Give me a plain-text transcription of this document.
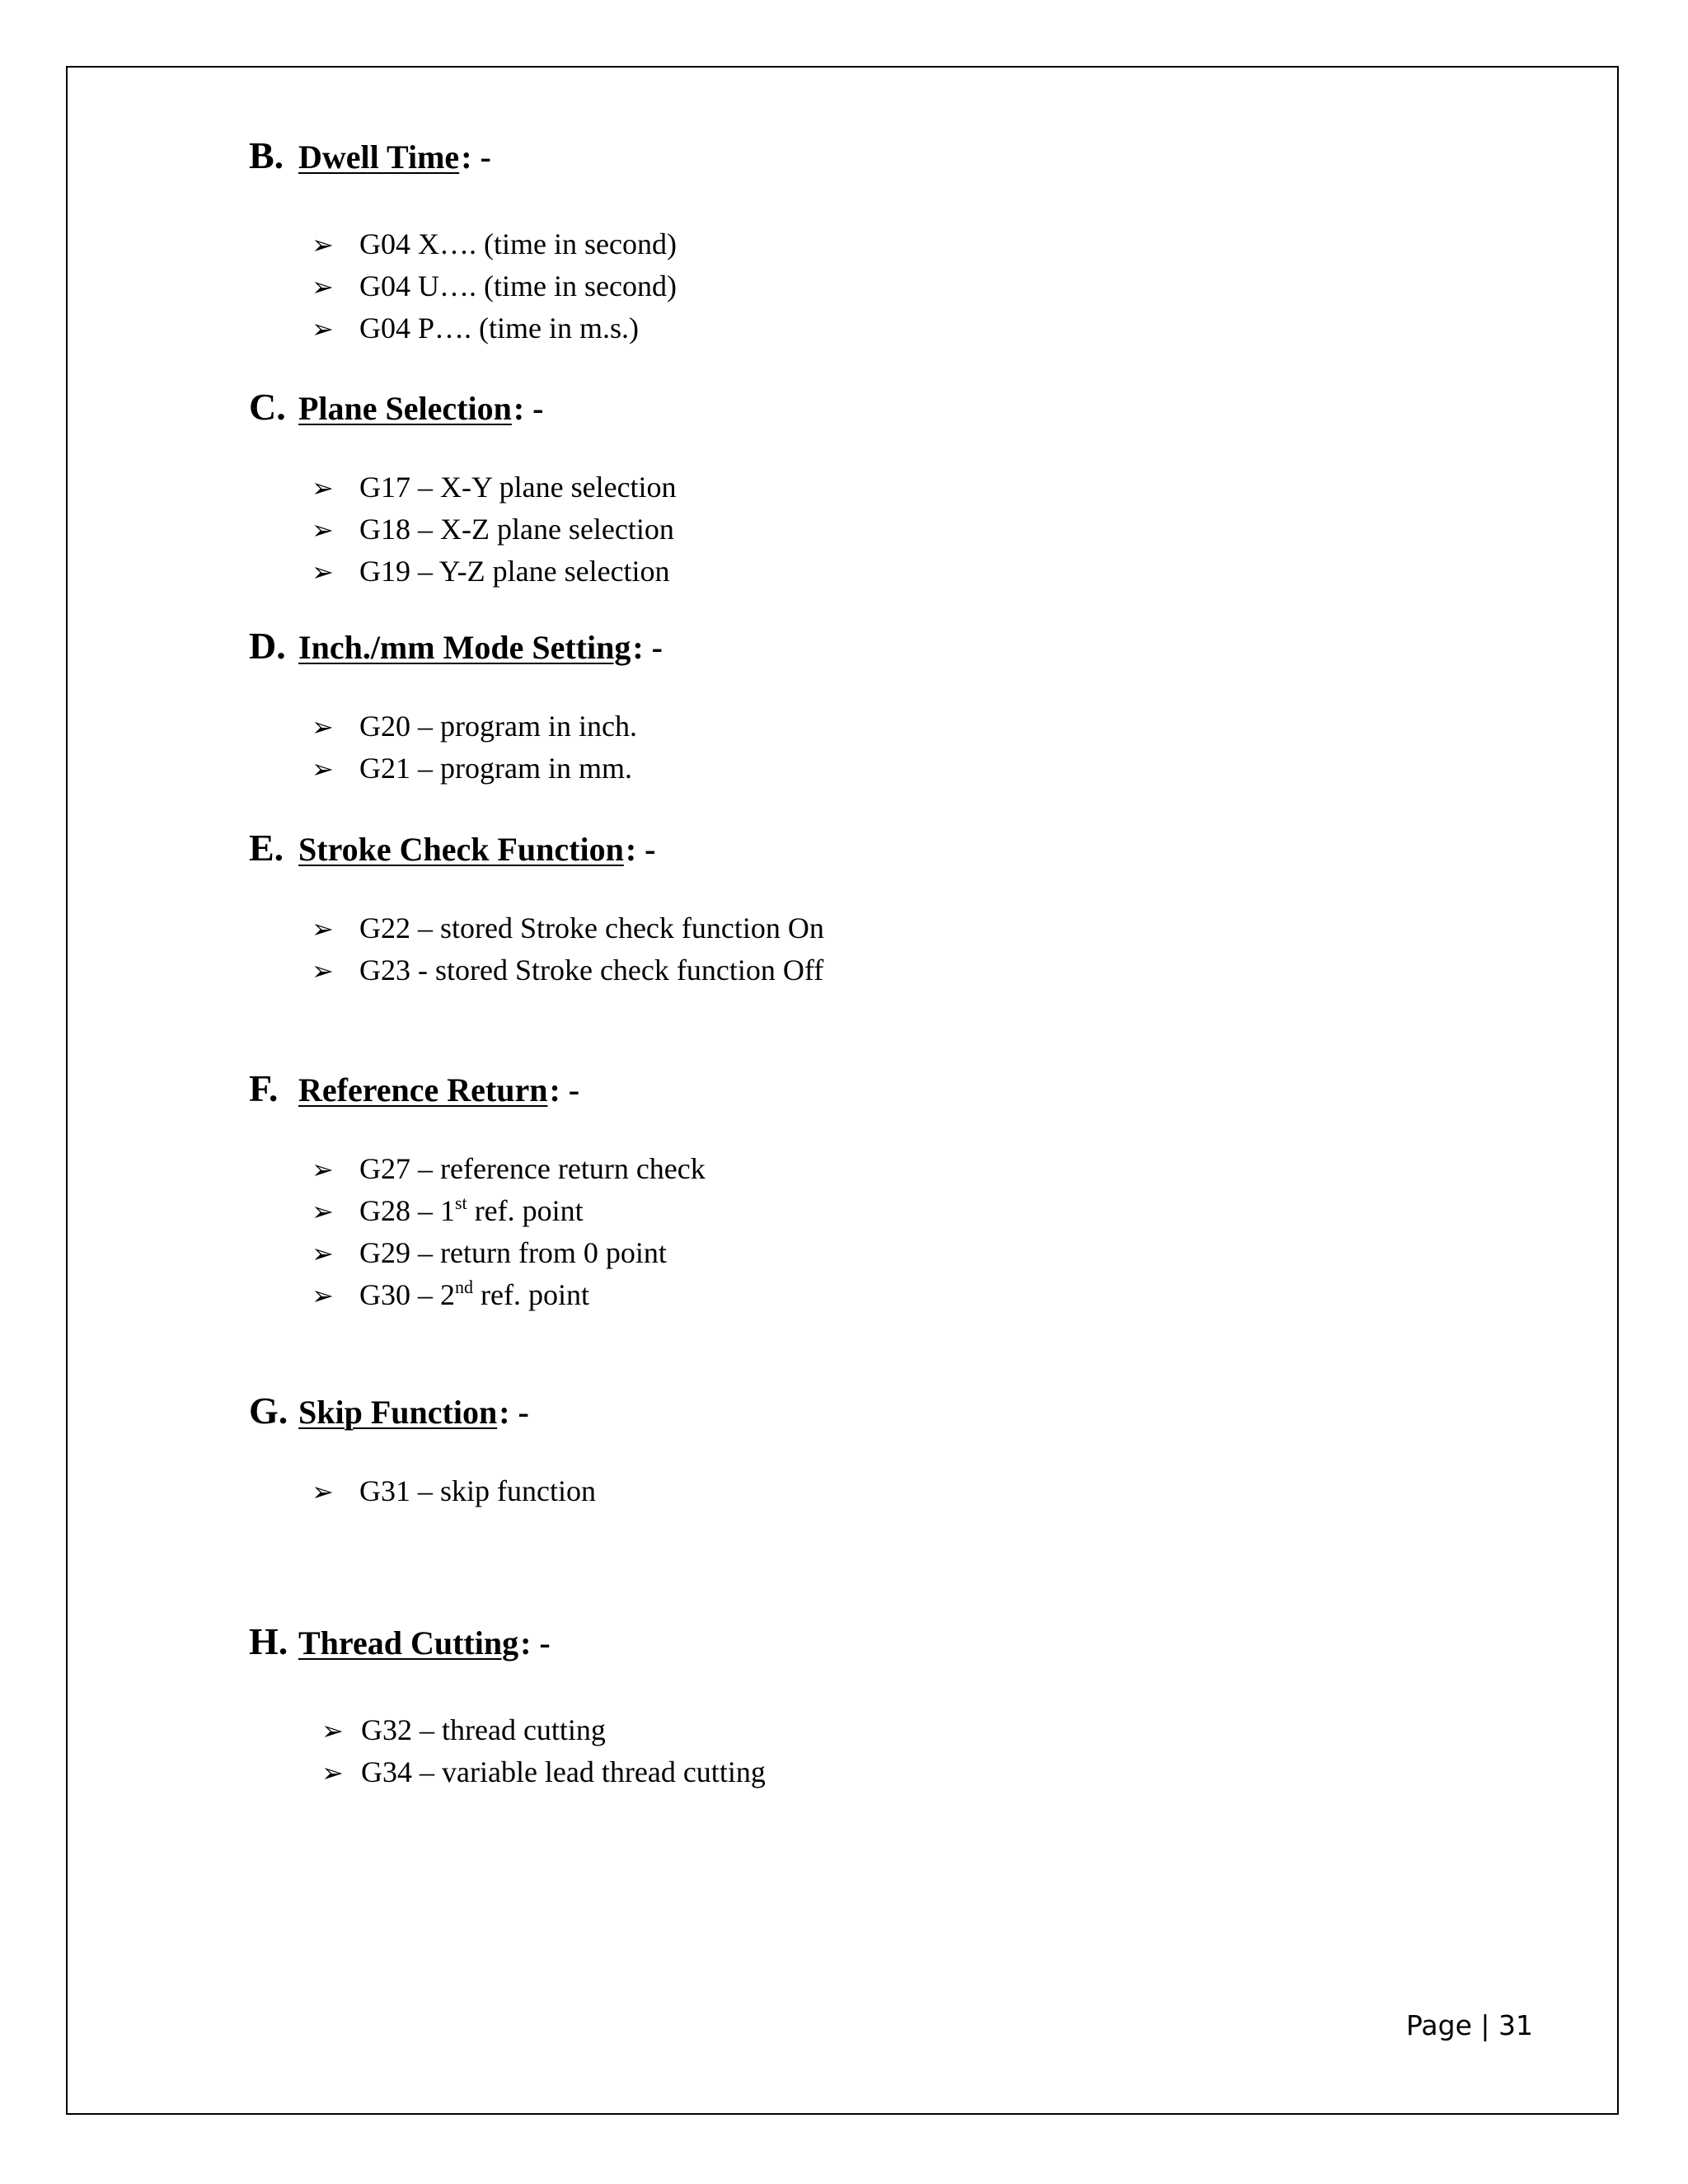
B. Dwell Time : -
➢ G04 X…. (time in second)
➢ G04 U…. (time in second)
➢ G04 P…. (time in m.s.)
C. Plane Selection : -
➢ G17 – X-Y plane selection
➢ G18 – X-Z plane selection
➢ G19 – Y-Z plane selection
D. Inch./mm Mode Setting : -
➢ G20 – program in inch.
➢ G21 – program in mm.
E. Stroke Check Function : -
➢ G22 – stored Stroke check function On
➢ G23 - stored Stroke check function Off
F. Reference Return : -
➢ G27 – reference return check
➢ G28 – 1st ref. point
➢ G29 – return from 0 point
➢ G30 – 2nd ref. point
G. Skip Function : -
➢ G31 – skip function
H. Thread Cutting : -
➢ G32 – thread cutting
➢ G34 – variable lead thread cutting
Page | 31
